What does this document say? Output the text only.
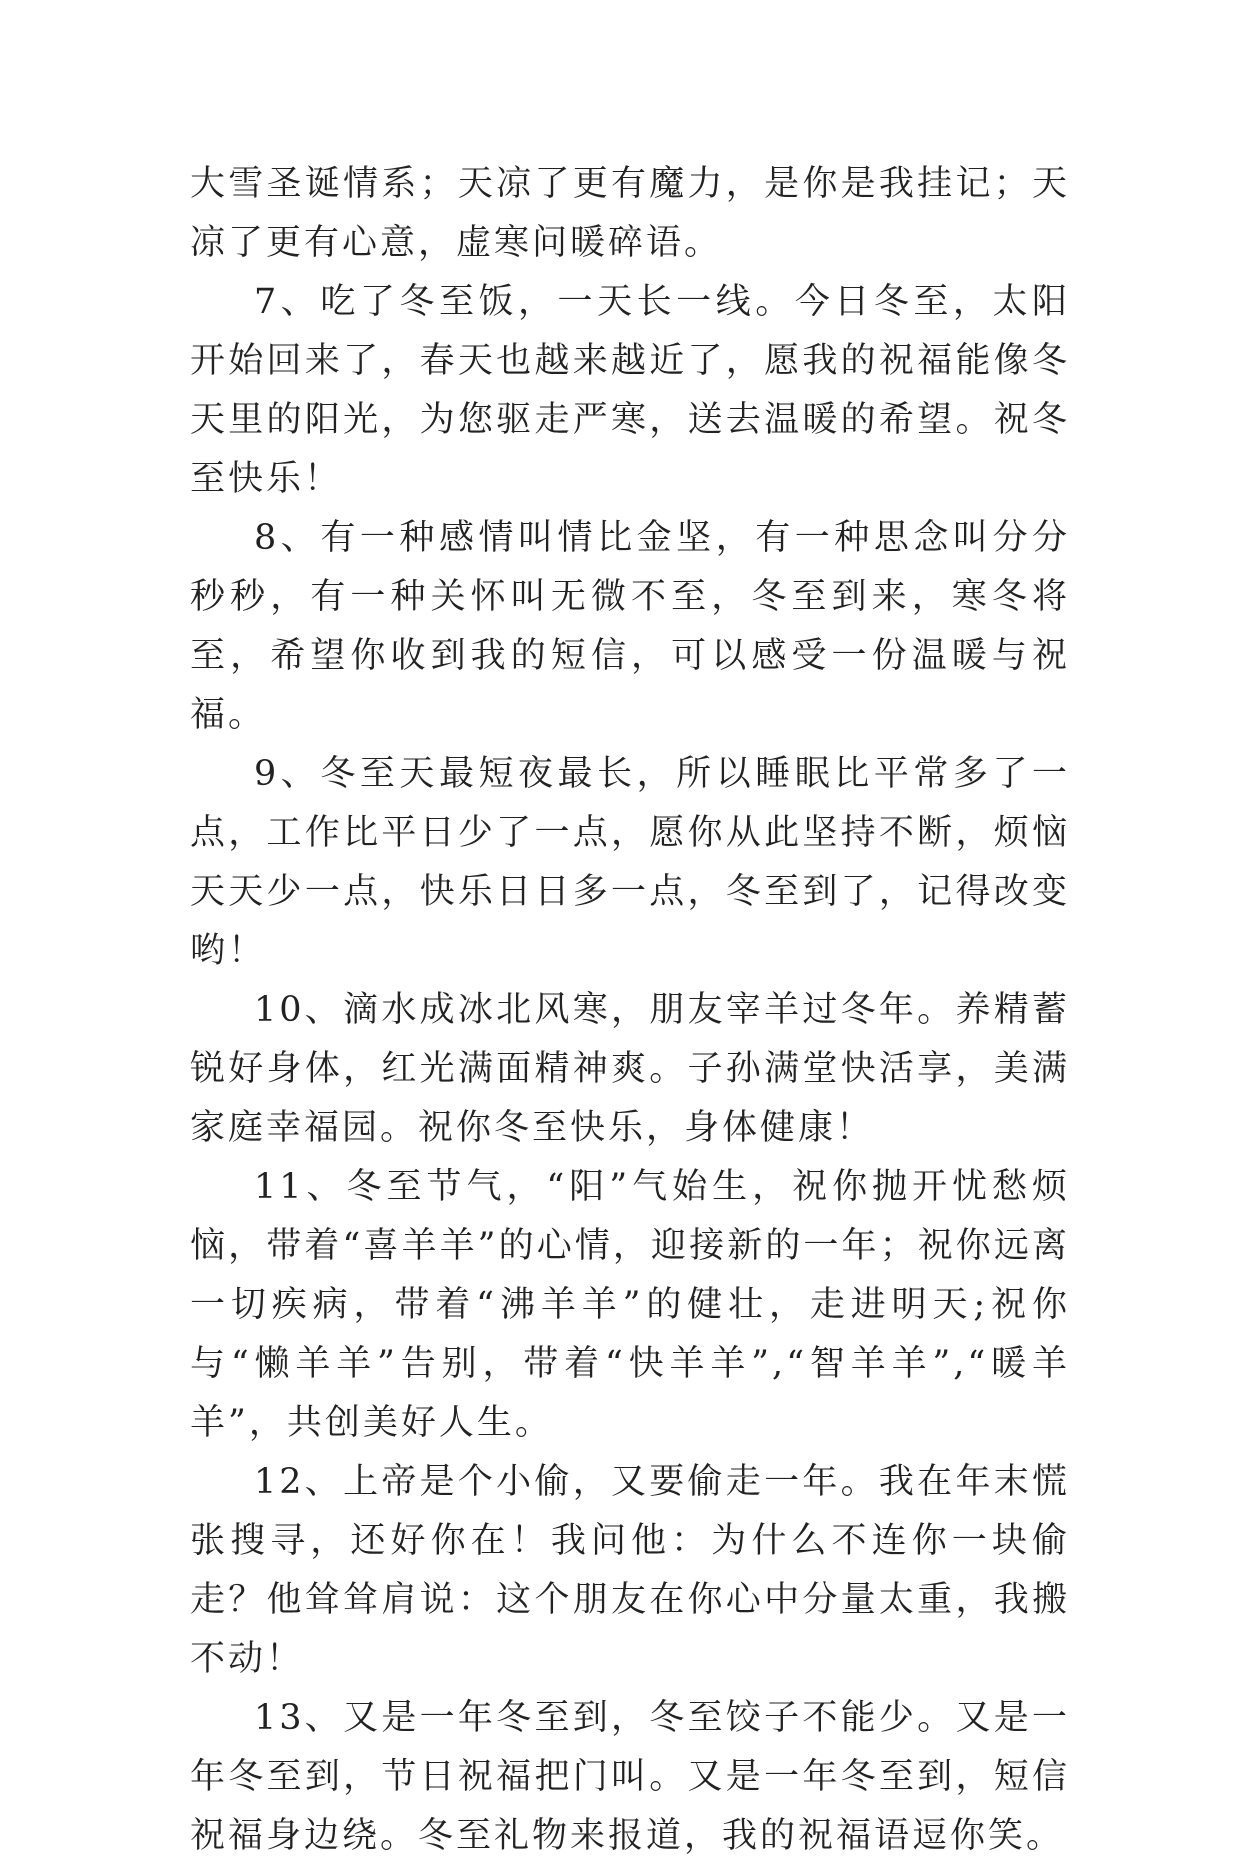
大雪圣诞情系；天凉了更有魔力，是你是我挂记；天凉了更有心意，虚寒问暖碎语。

7、吃了冬至饭，一天长一线。今日冬至，太阳开始回来了，春天也越来越近了，愿我的祝福能像冬天里的阳光，为您驱走严寒，送去温暖的希望。祝冬至快乐！

8、有一种感情叫情比金坚，有一种思念叫分分秒秒，有一种关怀叫无微不至，冬至到来，寒冬将至，希望你收到我的短信，可以感受一份温暖与祝福。

9、冬至天最短夜最长，所以睡眠比平常多了一点，工作比平日少了一点，愿你从此坚持不断，烦恼天天少一点，快乐日日多一点，冬至到了，记得改变哟！

10、滴水成冰北风寒，朋友宰羊过冬年。养精蓄锐好身体，红光满面精神爽。子孙满堂快活享，美满家庭幸福园。祝你冬至快乐，身体健康！

11、冬至节气，“阳”气始生，祝你抛开忧愁烦恼，带着“喜羊羊”的心情，迎接新的一年；祝你远离一切疾病，带着“沸羊羊”的健壮，走进明天;祝你与“懒羊羊”告别，带着“快羊羊”,“智羊羊”,“暖羊羊”，共创美好人生。

12、上帝是个小偷，又要偷走一年。我在年末慌张搜寻，还好你在！我问他：为什么不连你一块偷走？他耸耸肩说：这个朋友在你心中分量太重，我搬不动！

13、又是一年冬至到，冬至饺子不能少。又是一年冬至到，节日祝福把门叫。又是一年冬至到，短信祝福身边绕。冬至礼物来报道，我的祝福语逗你笑。
